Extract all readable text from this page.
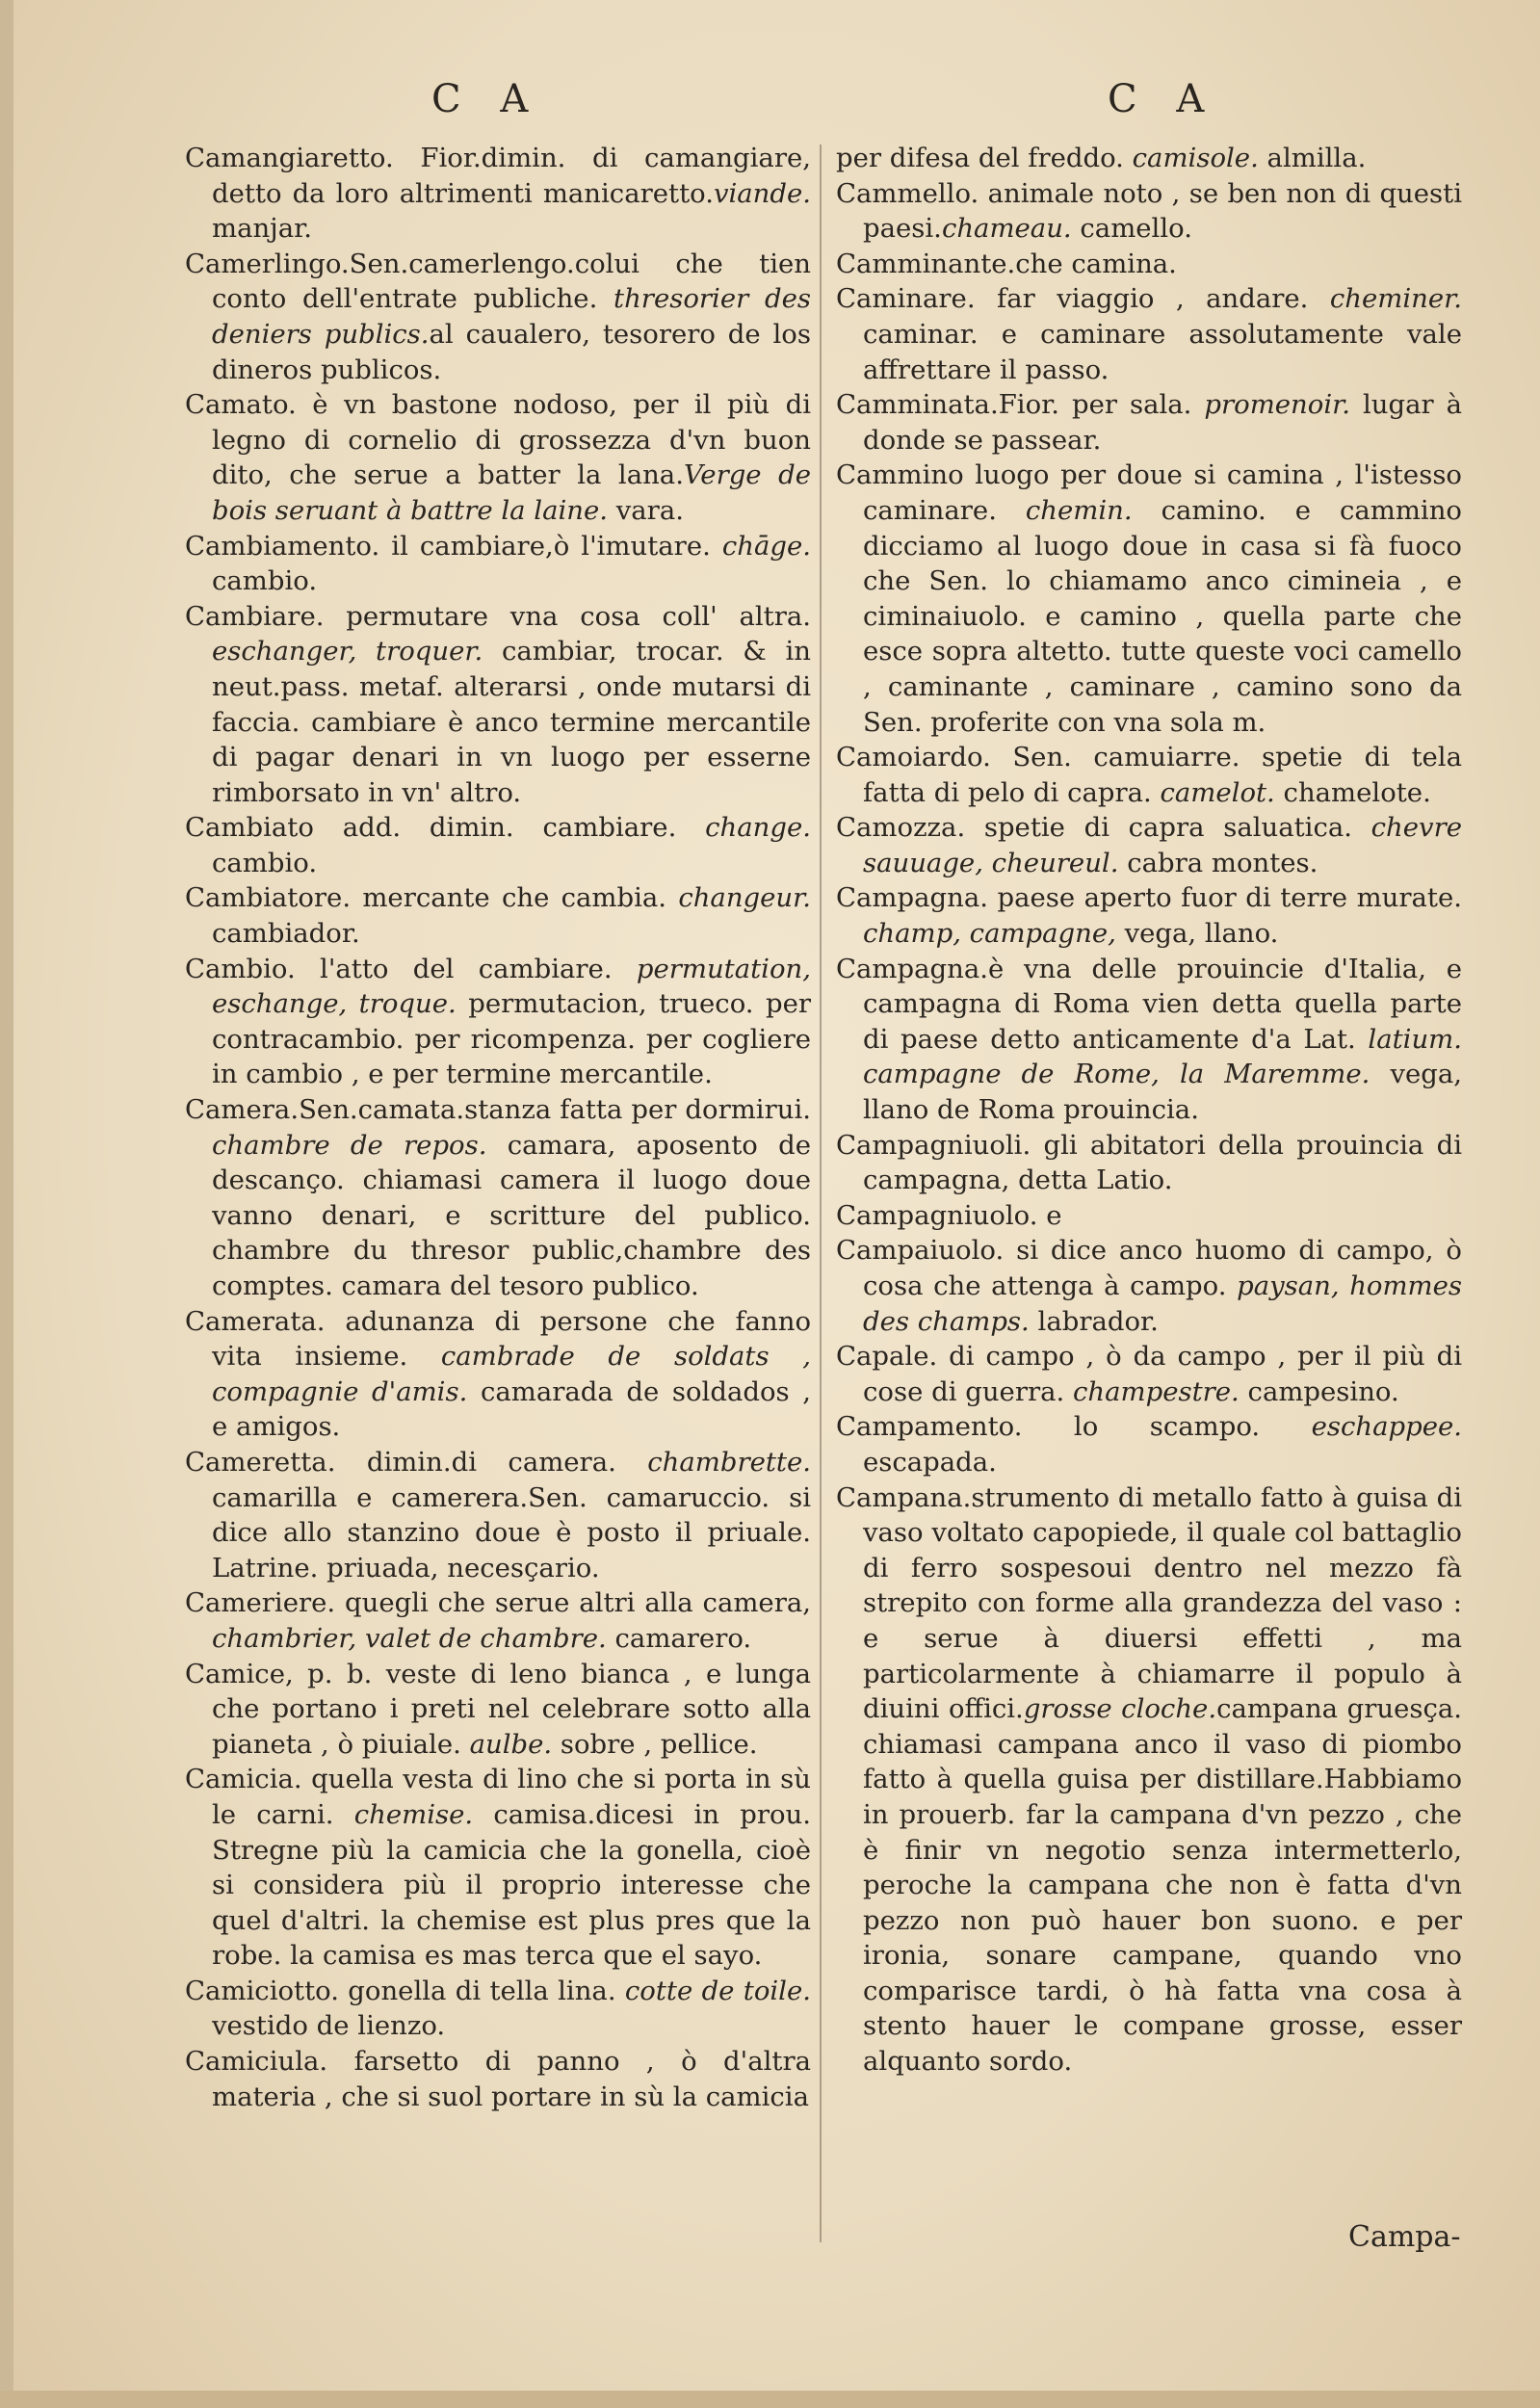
C A	C A

Camangiaretto. Fior.dimin. di camangiare, detto da loro altrimenti manicaretto.viande. manjar.

Camerlingo.Sen.camerlengo.colui che tien conto dell'entrate publiche. thresorier des deniers publics.al caualero, tesorero de los dineros publicos.

Camato. è vn bastone nodoso, per il più di legno di cornelio di grossezza d'vn buon dito, che serue a batter la lana.Verge de bois seruant à battre la laine. vara.

Cambiamento. il cambiare,ò l'imutare. chāge. cambio.

Cambiare. permutare vna cosa coll' altra. eschanger, troquer. cambiar, trocar. & in neut.pass. metaf. alterarsi , onde mutarsi di faccia. cambiare è anco termine mercantile di pagar denari in vn luogo per esserne rimborsato in vn' altro.

Cambiato add. dimin. cambiare. change. cambio.

Cambiatore. mercante che cambia. changeur. cambiador.

Cambio. l'atto del cambiare. permutation, eschange, troque. permutacion, trueco. per contracambio. per ricompenza. per cogliere in cambio , e per termine mercantile.

Camera.Sen.camata.stanza fatta per dormirui. chambre de repos. camara, aposento de descanço. chiamasi camera il luogo doue vanno denari, e scritture del publico. chambre du thresor public,chambre des comptes. camara del tesoro publico.

Camerata. adunanza di persone che fanno vita insieme. cambrade de soldats , compagnie d'amis. camarada de soldados , e amigos.

Cameretta. dimin.di camera. chambrette. camarilla e camerera.Sen. camaruccio. si dice allo stanzino doue è posto il priuale. Latrine. priuada, necesçario.

Cameriere. quegli che serue altri alla camera, chambrier, valet de chambre. camarero.

Camice, p. b. veste di leno bianca , e lunga che portano i preti nel celebrare sotto alla pianeta , ò piuiale. aulbe. sobre , pellice.

Camicia. quella vesta di lino che si porta in sù le carni. chemise. camisa.dicesi in prou. Stregne più la camicia che la gonella, cioè si considera più il proprio interesse che quel d'altri. la chemise est plus pres que la robe. la camisa es mas terca que el sayo.

Camiciotto. gonella di tella lina. cotte de toile. vestido de lienzo.

Camiciula. farsetto di panno , ò d'altra materia , che si suol portare in sù la camicia

per difesa del freddo. camisole. almilla.

Cammello. animale noto , se ben non di questi paesi.chameau. camello.

Camminante.che camina.

Caminare. far viaggio , andare. cheminer. caminar. e caminare assolutamente vale affrettare il passo.

Camminata.Fior. per sala. promenoir. lugar à donde se passear.

Cammino luogo per doue si camina , l'istesso caminare. chemin. camino. e cammino dicciamo al luogo doue in casa si fà fuoco che Sen. lo chiamamo anco cimineia , e ciminaiuolo. e camino , quella parte che esce sopra altetto. tutte queste voci camello , caminante , caminare , camino sono da Sen. proferite con vna sola m.

Camoiardo. Sen. camuiarre. spetie di tela fatta di pelo di capra. camelot. chamelote.

Camozza. spetie di capra saluatica. chevre sauuage, cheureul. cabra montes.

Campagna. paese aperto fuor di terre murate. champ, campagne, vega, llano.

Campagna.è vna delle prouincie d'Italia, e campagna di Roma vien detta quella parte di paese detto anticamente d'a Lat. latium. campagne de Rome, la Maremme. vega, llano de Roma prouincia.

Campagniuoli. gli abitatori della prouincia di campagna, detta Latio.

Campagniuolo. e

Campaiuolo. si dice anco huomo di campo, ò cosa che attenga à campo. paysan, hommes des champs. labrador.

Capale. di campo , ò da campo , per il più di cose di guerra. champestre. campesino.

Campamento. lo scampo. eschappee. escapada.

Campana.strumento di metallo fatto à guisa di vaso voltato capopiede, il quale col battaglio di ferro sospesoui dentro nel mezzo fà strepito con forme alla grandezza del vaso : e serue à diuersi effetti , ma particolarmente à chiamarre il populo à diuini offici.grosse cloche.campana gruesça. chiamasi campana anco il vaso di piombo fatto à quella guisa per distillare.Habbiamo in prouerb. far la campana d'vn pezzo , che è finir vn negotio senza intermetterlo, peroche la campana che non è fatta d'vn pezzo non può hauer bon suono. e per ironia, sonare campane, quando vno comparisce tardi, ò hà fatta vna cosa à stento hauer le compane grosse, esser alquanto sordo.

Campa-
